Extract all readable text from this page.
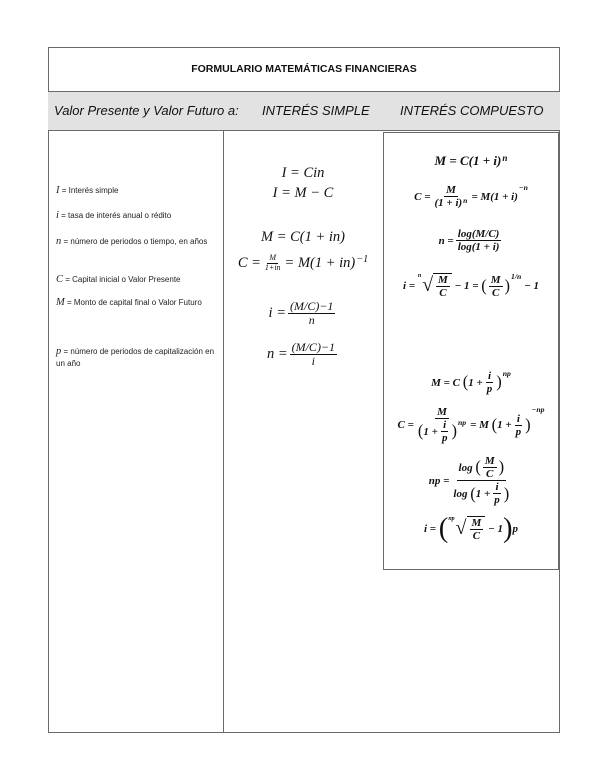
FORMULARIO MATEMÁTICAS FINANCIERAS
Valor Presente y Valor Futuro a: INTERÉS SIMPLE INTERÉS COMPUESTO
I = Interés simple
i = tasa de interés anual o rédito
n = número de periodos o tiempo, en años
C = Capital inicial o Valor Presente
M = Monto de capital final o Valor Futuro
p = número de periodos de capitalización en un año
I = Cin
I = M − C
M = C(1 + in)
$C = \frac{M}{1+in} = M(1 + in)^{-1}$
$i = \frac{(M/C)-1}{n}$
$n = \frac{(M/C)-1}{i}$
$M = C(1 + i)^n$
$C = \frac{M}{(1 + i)^n} = M(1 + i)$
$^{-n}$
$n = \frac{\log(M/C)}{\log(1 + i)}$
i =

n √ $\frac{M}{C}$
− 1 =
( $\frac{M}{C} )^{1/n}$

− 1
M = C
( $1 + \frac{i}{p} )^{np}$
$C = \frac{M}{( 1 + \frac{i}{p} )^{np}} = M$
( $1 + \frac{i}{p}$ )
−np
np = log
( $\frac{M}{C}$ )
log
( $1 + \frac{i}{p}$ )
i =
( np √ $\frac{M}{C}$
− 1 ) p
